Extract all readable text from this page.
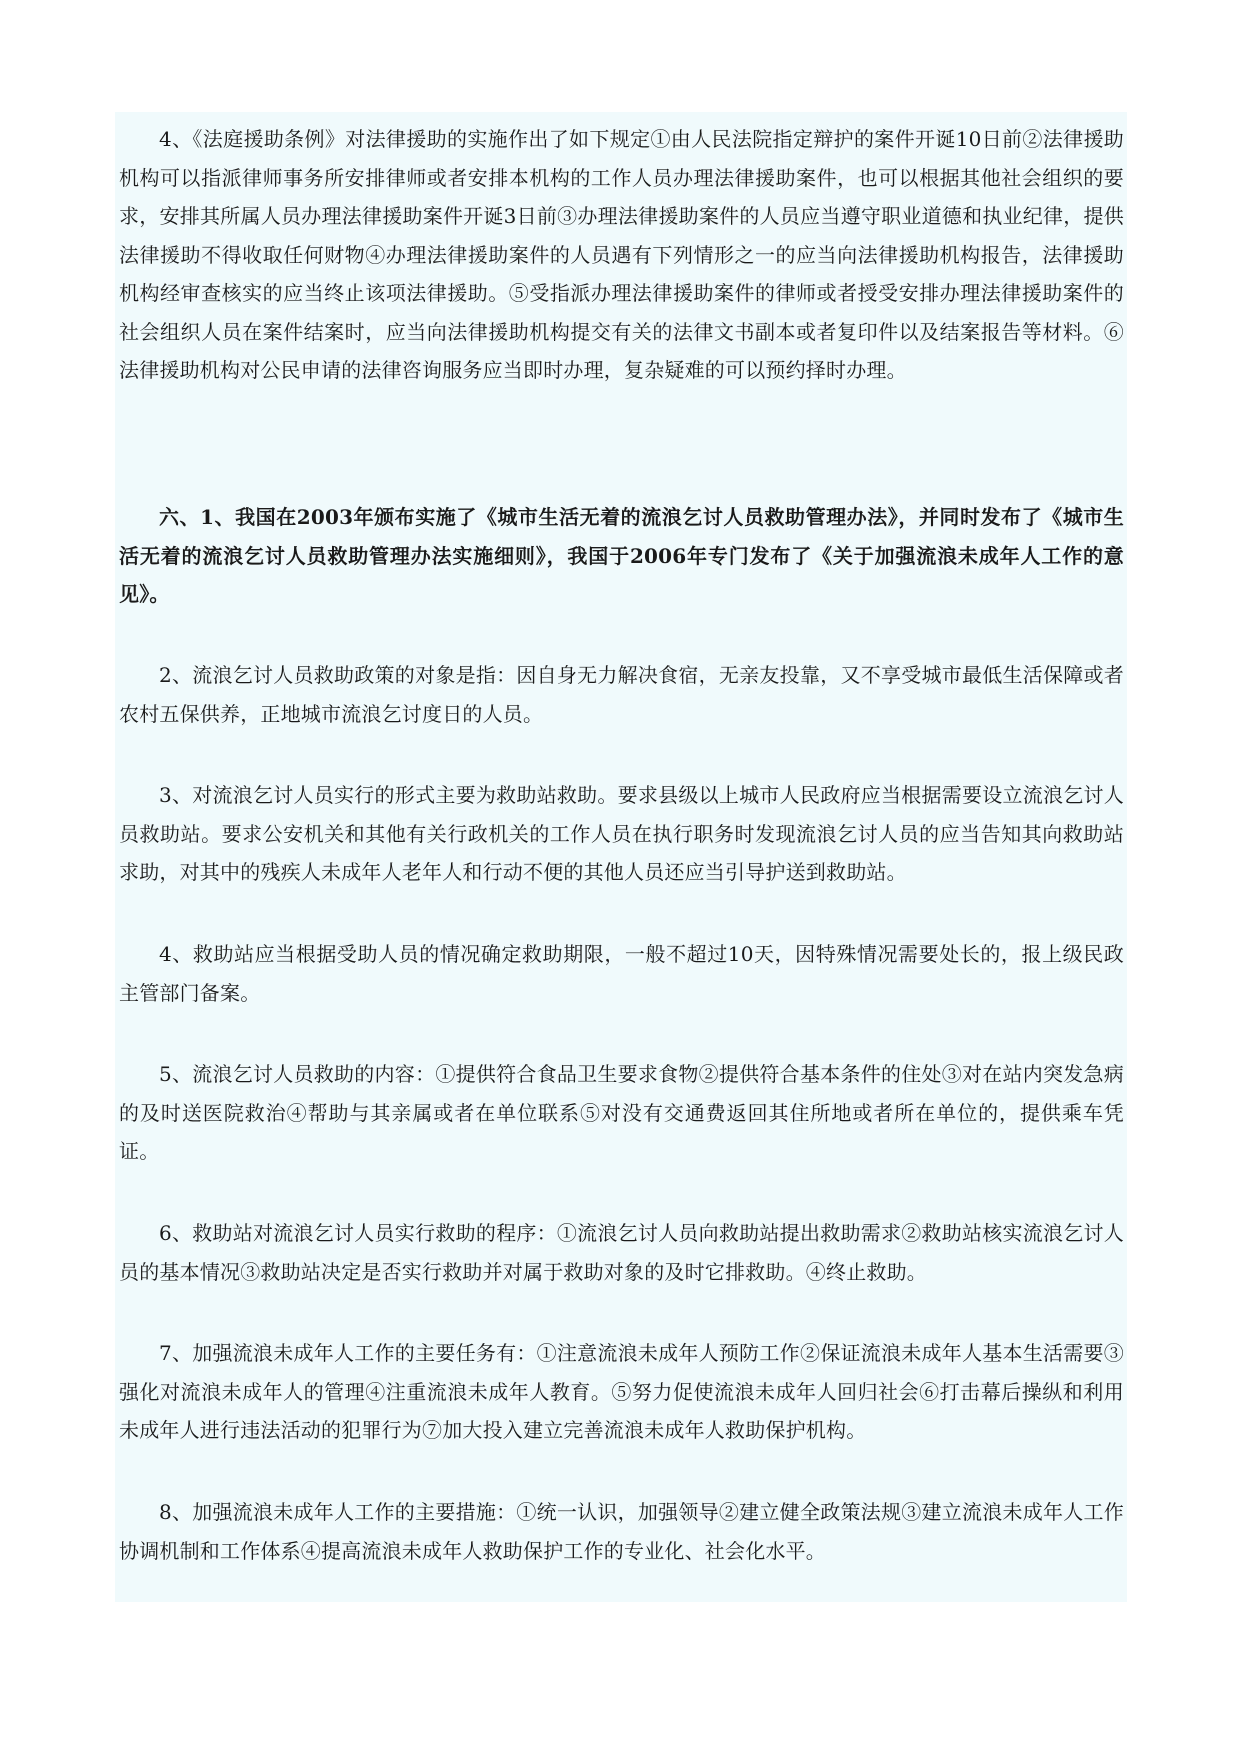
4、《法庭援助条例》对法律援助的实施作出了如下规定①由人民法院指定辩护的案件开诞10日前②法律援助机构可以指派律师事务所安排律师或者安排本机构的工作人员办理法律援助案件，也可以根据其他社会组织的要求，安排其所属人员办理法律援助案件开诞3日前③办理法律援助案件的人员应当遵守职业道德和执业纪律，提供法律援助不得收取任何财物④办理法律援助案件的人员遇有下列情形之一的应当向法律援助机构报告，法律援助机构经审查核实的应当终止该项法律援助。⑤受指派办理法律援助案件的律师或者授受安排办理法律援助案件的社会组织人员在案件结案时，应当向法律援助机构提交有关的法律文书副本或者复印件以及结案报告等材料。⑥法律援助机构对公民申请的法律咨询服务应当即时办理，复杂疑难的可以预约择时办理。

六、1、我国在2003年颁布实施了《城市生活无着的流浪乞讨人员救助管理办法》，并同时发布了《城市生活无着的流浪乞讨人员救助管理办法实施细则》，我国于2006年专门发布了《关于加强流浪未成年人工作的意见》。

2、流浪乞讨人员救助政策的对象是指：因自身无力解决食宿，无亲友投靠，又不享受城市最低生活保障或者农村五保供养，正地城市流浪乞讨度日的人员。

3、对流浪乞讨人员实行的形式主要为救助站救助。要求县级以上城市人民政府应当根据需要设立流浪乞讨人员救助站。要求公安机关和其他有关行政机关的工作人员在执行职务时发现流浪乞讨人员的应当告知其向救助站求助，对其中的残疾人未成年人老年人和行动不便的其他人员还应当引导护送到救助站。

4、救助站应当根据受助人员的情况确定救助期限，一般不超过10天，因特殊情况需要处长的，报上级民政主管部门备案。

5、流浪乞讨人员救助的内容：①提供符合食品卫生要求食物②提供符合基本条件的住处③对在站内突发急病的及时送医院救治④帮助与其亲属或者在单位联系⑤对没有交通费返回其住所地或者所在单位的，提供乘车凭证。

6、救助站对流浪乞讨人员实行救助的程序：①流浪乞讨人员向救助站提出救助需求②救助站核实流浪乞讨人员的基本情况③救助站决定是否实行救助并对属于救助对象的及时它排救助。④终止救助。

7、加强流浪未成年人工作的主要任务有：①注意流浪未成年人预防工作②保证流浪未成年人基本生活需要③强化对流浪未成年人的管理④注重流浪未成年人教育。⑤努力促使流浪未成年人回归社会⑥打击幕后操纵和利用未成年人进行违法活动的犯罪行为⑦加大投入建立完善流浪未成年人救助保护机构。

8、加强流浪未成年人工作的主要措施：①统一认识，加强领导②建立健全政策法规③建立流浪未成年人工作协调机制和工作体系④提高流浪未成年人救助保护工作的专业化、社会化水平。
